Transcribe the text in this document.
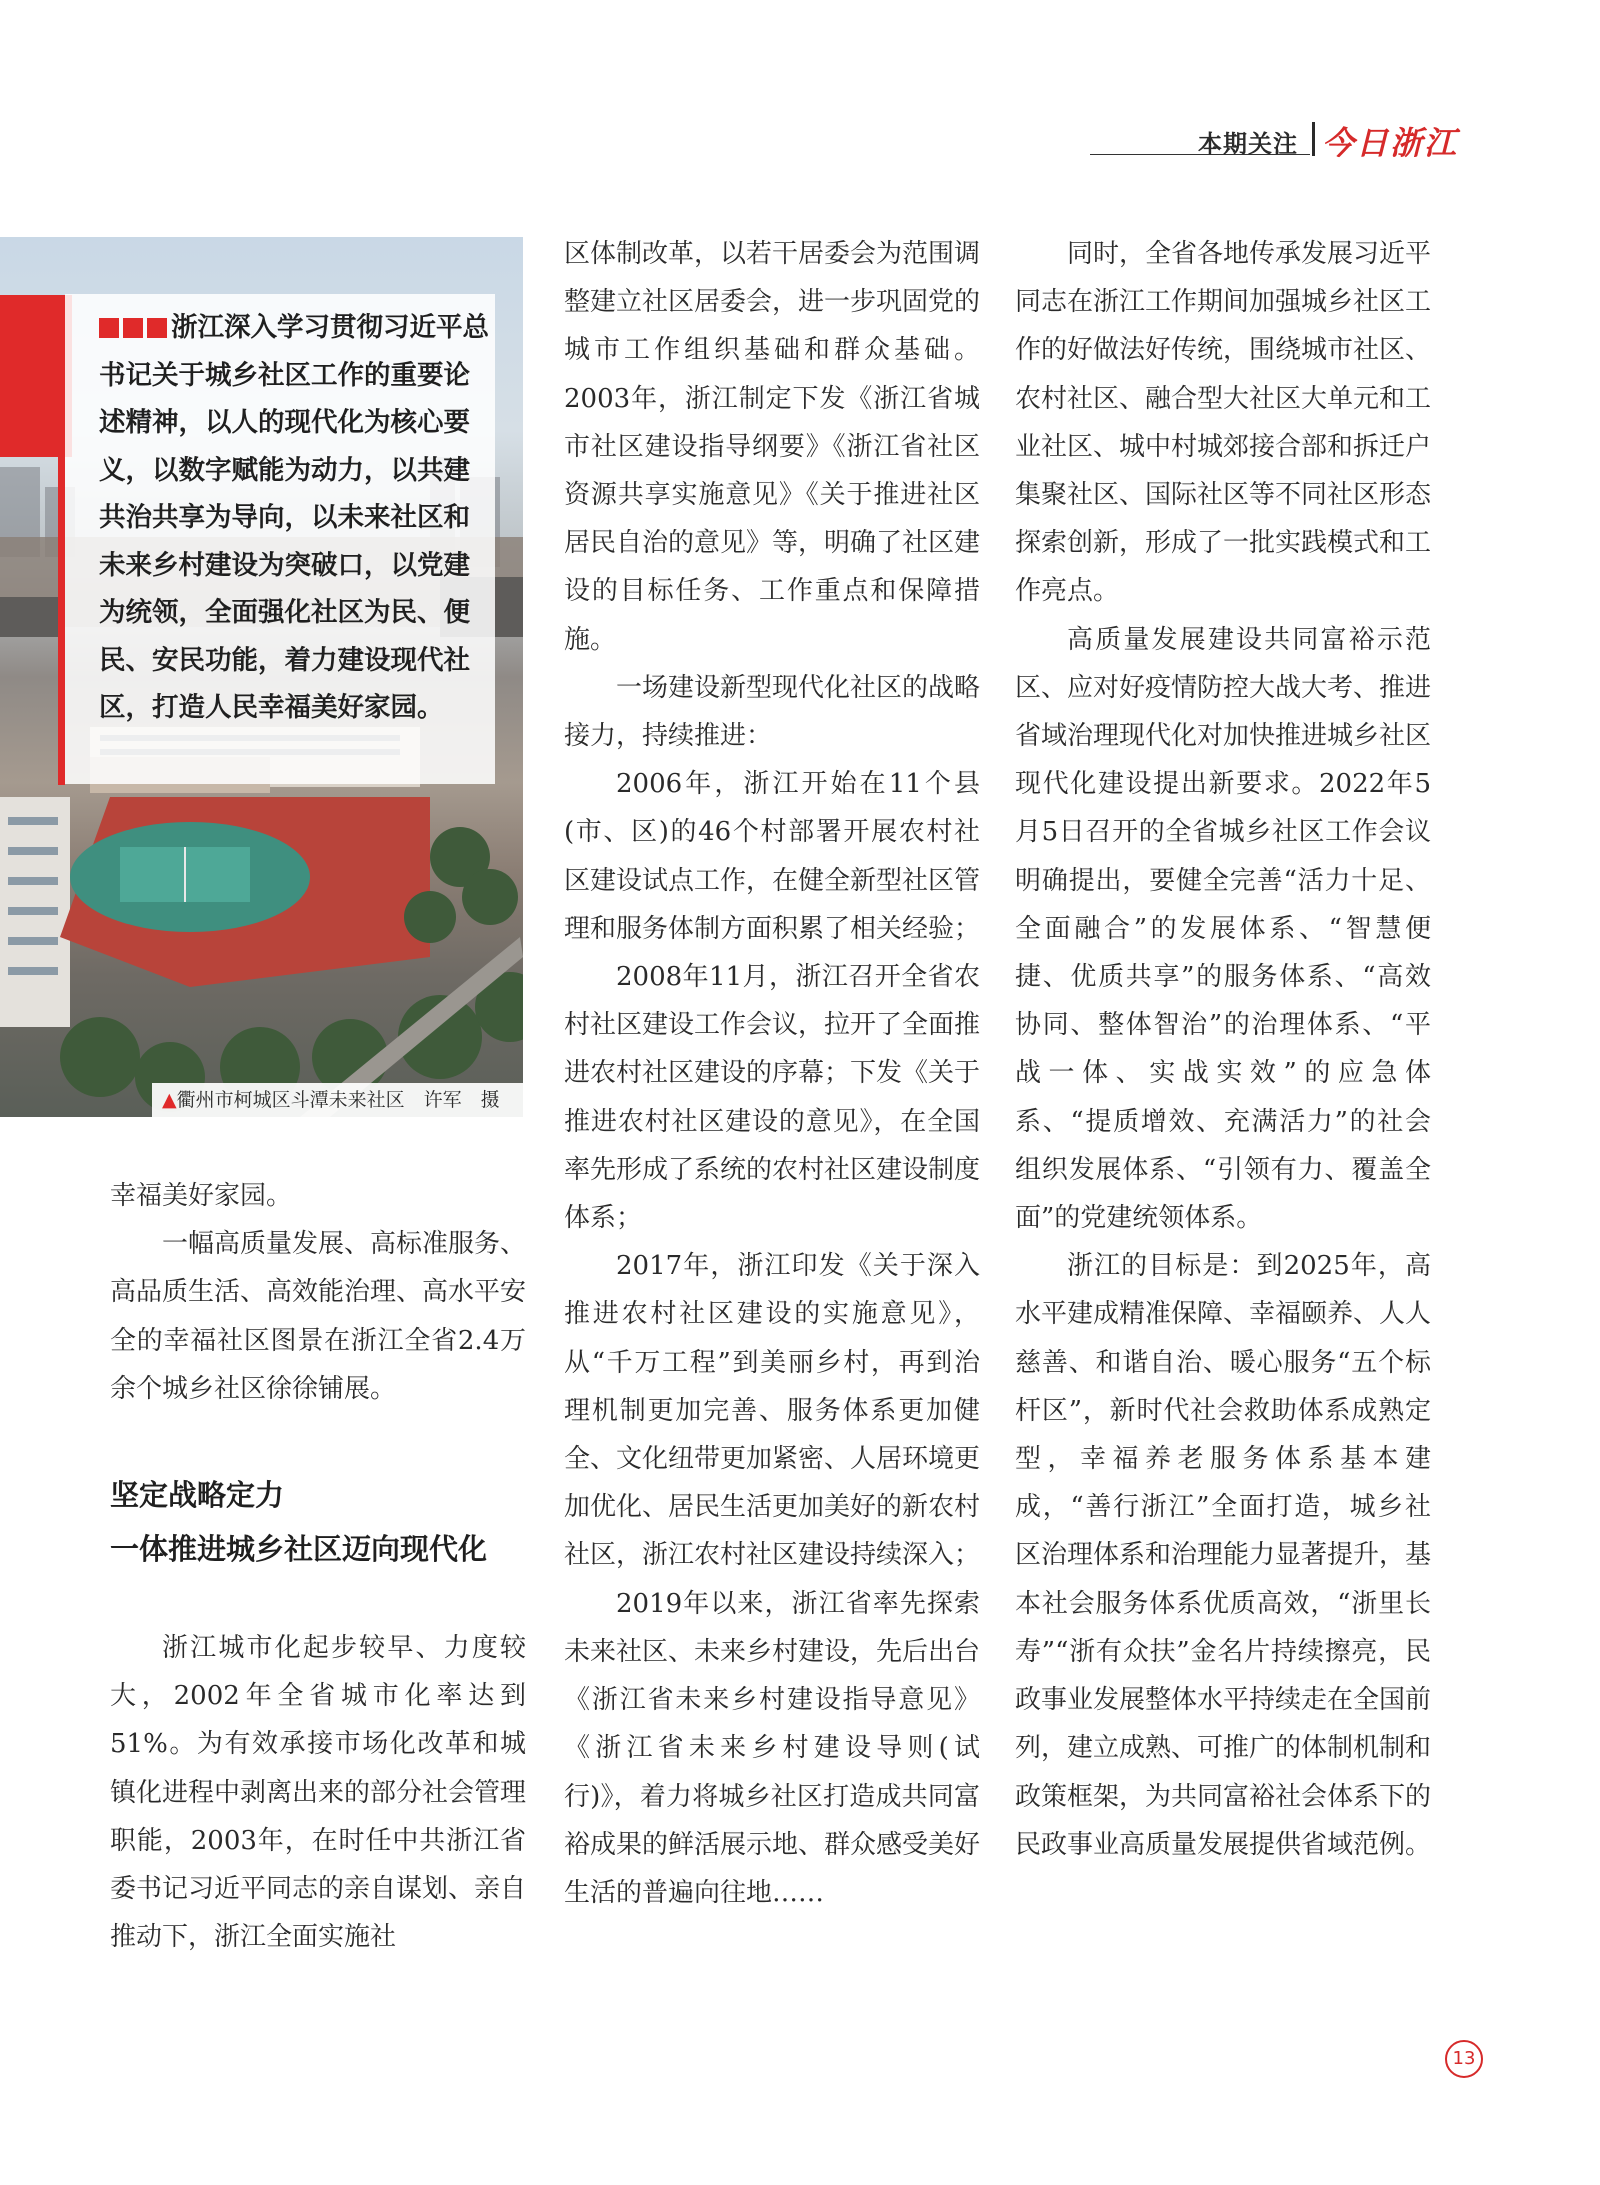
本期关注 今日浙江
浙江深入学习贯彻习近平总书记关于城乡社区工作的重要论述精神，以人的现代化为核心要义，以数字赋能为动力，以共建共治共享为导向，以未来社区和未来乡村建设为突破口，以党建为统领，全面强化社区为民、便民、安民功能，着力建设现代社区，打造人民幸福美好家园。
▲衢州市柯城区斗潭未来社区　 许军　摄

幸福美好家园。

一幅高质量发展、高标准服务、高品质生活、高效能治理、高水平安全的幸福社区图景在浙江全省2.4万余个城乡社区徐徐铺展。

坚定战略定力
一体推进城乡社区迈向现代化

浙江城市化起步较早、力度较大，2002年全省城市化率达到51%。为有效承接市场化改革和城镇化进程中剥离出来的部分社会管理职能，2003年，在时任中共浙江省委书记习近平同志的亲自谋划、亲自推动下，浙江全面实施社

区体制改革，以若干居委会为范围调整建立社区居委会，进一步巩固党的城市工作组织基础和群众基础。2003年，浙江制定下发《浙江省城市社区建设指导纲要》《浙江省社区资源共享实施意见》《关于推进社区居民自治的意见》等，明确了社区建设的目标任务、工作重点和保障措施。

一场建设新型现代化社区的战略接力，持续推进：

2006年，浙江开始在11个县(市、区)的46个村部署开展农村社区建设试点工作，在健全新型社区管理和服务体制方面积累了相关经验；

2008年11月，浙江召开全省农村社区建设工作会议，拉开了全面推进农村社区建设的序幕；下发《关于推进农村社区建设的意见》，在全国率先形成了系统的农村社区建设制度体系；

2017年，浙江印发《关于深入推进农村社区建设的实施意见》，从“千万工程”到美丽乡村，再到治理机制更加完善、服务体系更加健全、文化纽带更加紧密、人居环境更加优化、居民生活更加美好的新农村社区，浙江农村社区建设持续深入；

2019年以来，浙江省率先探索未来社区、未来乡村建设，先后出台《浙江省未来乡村建设指导意见》《浙江省未来乡村建设导则(试行)》，着力将城乡社区打造成共同富裕成果的鲜活展示地、群众感受美好生活的普遍向往地……

同时，全省各地传承发展习近平同志在浙江工作期间加强城乡社区工作的好做法好传统，围绕城市社区、农村社区、融合型大社区大单元和工业社区、城中村城郊接合部和拆迁户集聚社区、国际社区等不同社区形态探索创新，形成了一批实践模式和工作亮点。

高质量发展建设共同富裕示范区、应对好疫情防控大战大考、推进省域治理现代化对加快推进城乡社区现代化建设提出新要求。2022年5月5日召开的全省城乡社区工作会议明确提出，要健全完善“活力十足、全面融合”的发展体系、“智慧便捷、优质共享”的服务体系、“高效协同、整体智治”的治理体系、“平战一体、实战实效”的应急体系、“提质增效、充满活力”的社会组织发展体系、“引领有力、覆盖全面”的党建统领体系。

浙江的目标是：到2025年，高水平建成精准保障、幸福颐养、人人慈善、和谐自治、暖心服务“五个标杆区”，新时代社会救助体系成熟定型，幸福养老服务体系基本建成，“善行浙江”全面打造，城乡社区治理体系和治理能力显著提升，基本社会服务体系优质高效，“浙里长寿”“浙有众扶”金名片持续擦亮，民政事业发展整体水平持续走在全国前列，建立成熟、可推广的体制机制和政策框架，为共同富裕社会体系下的民政事业高质量发展提供省域范例。

13
